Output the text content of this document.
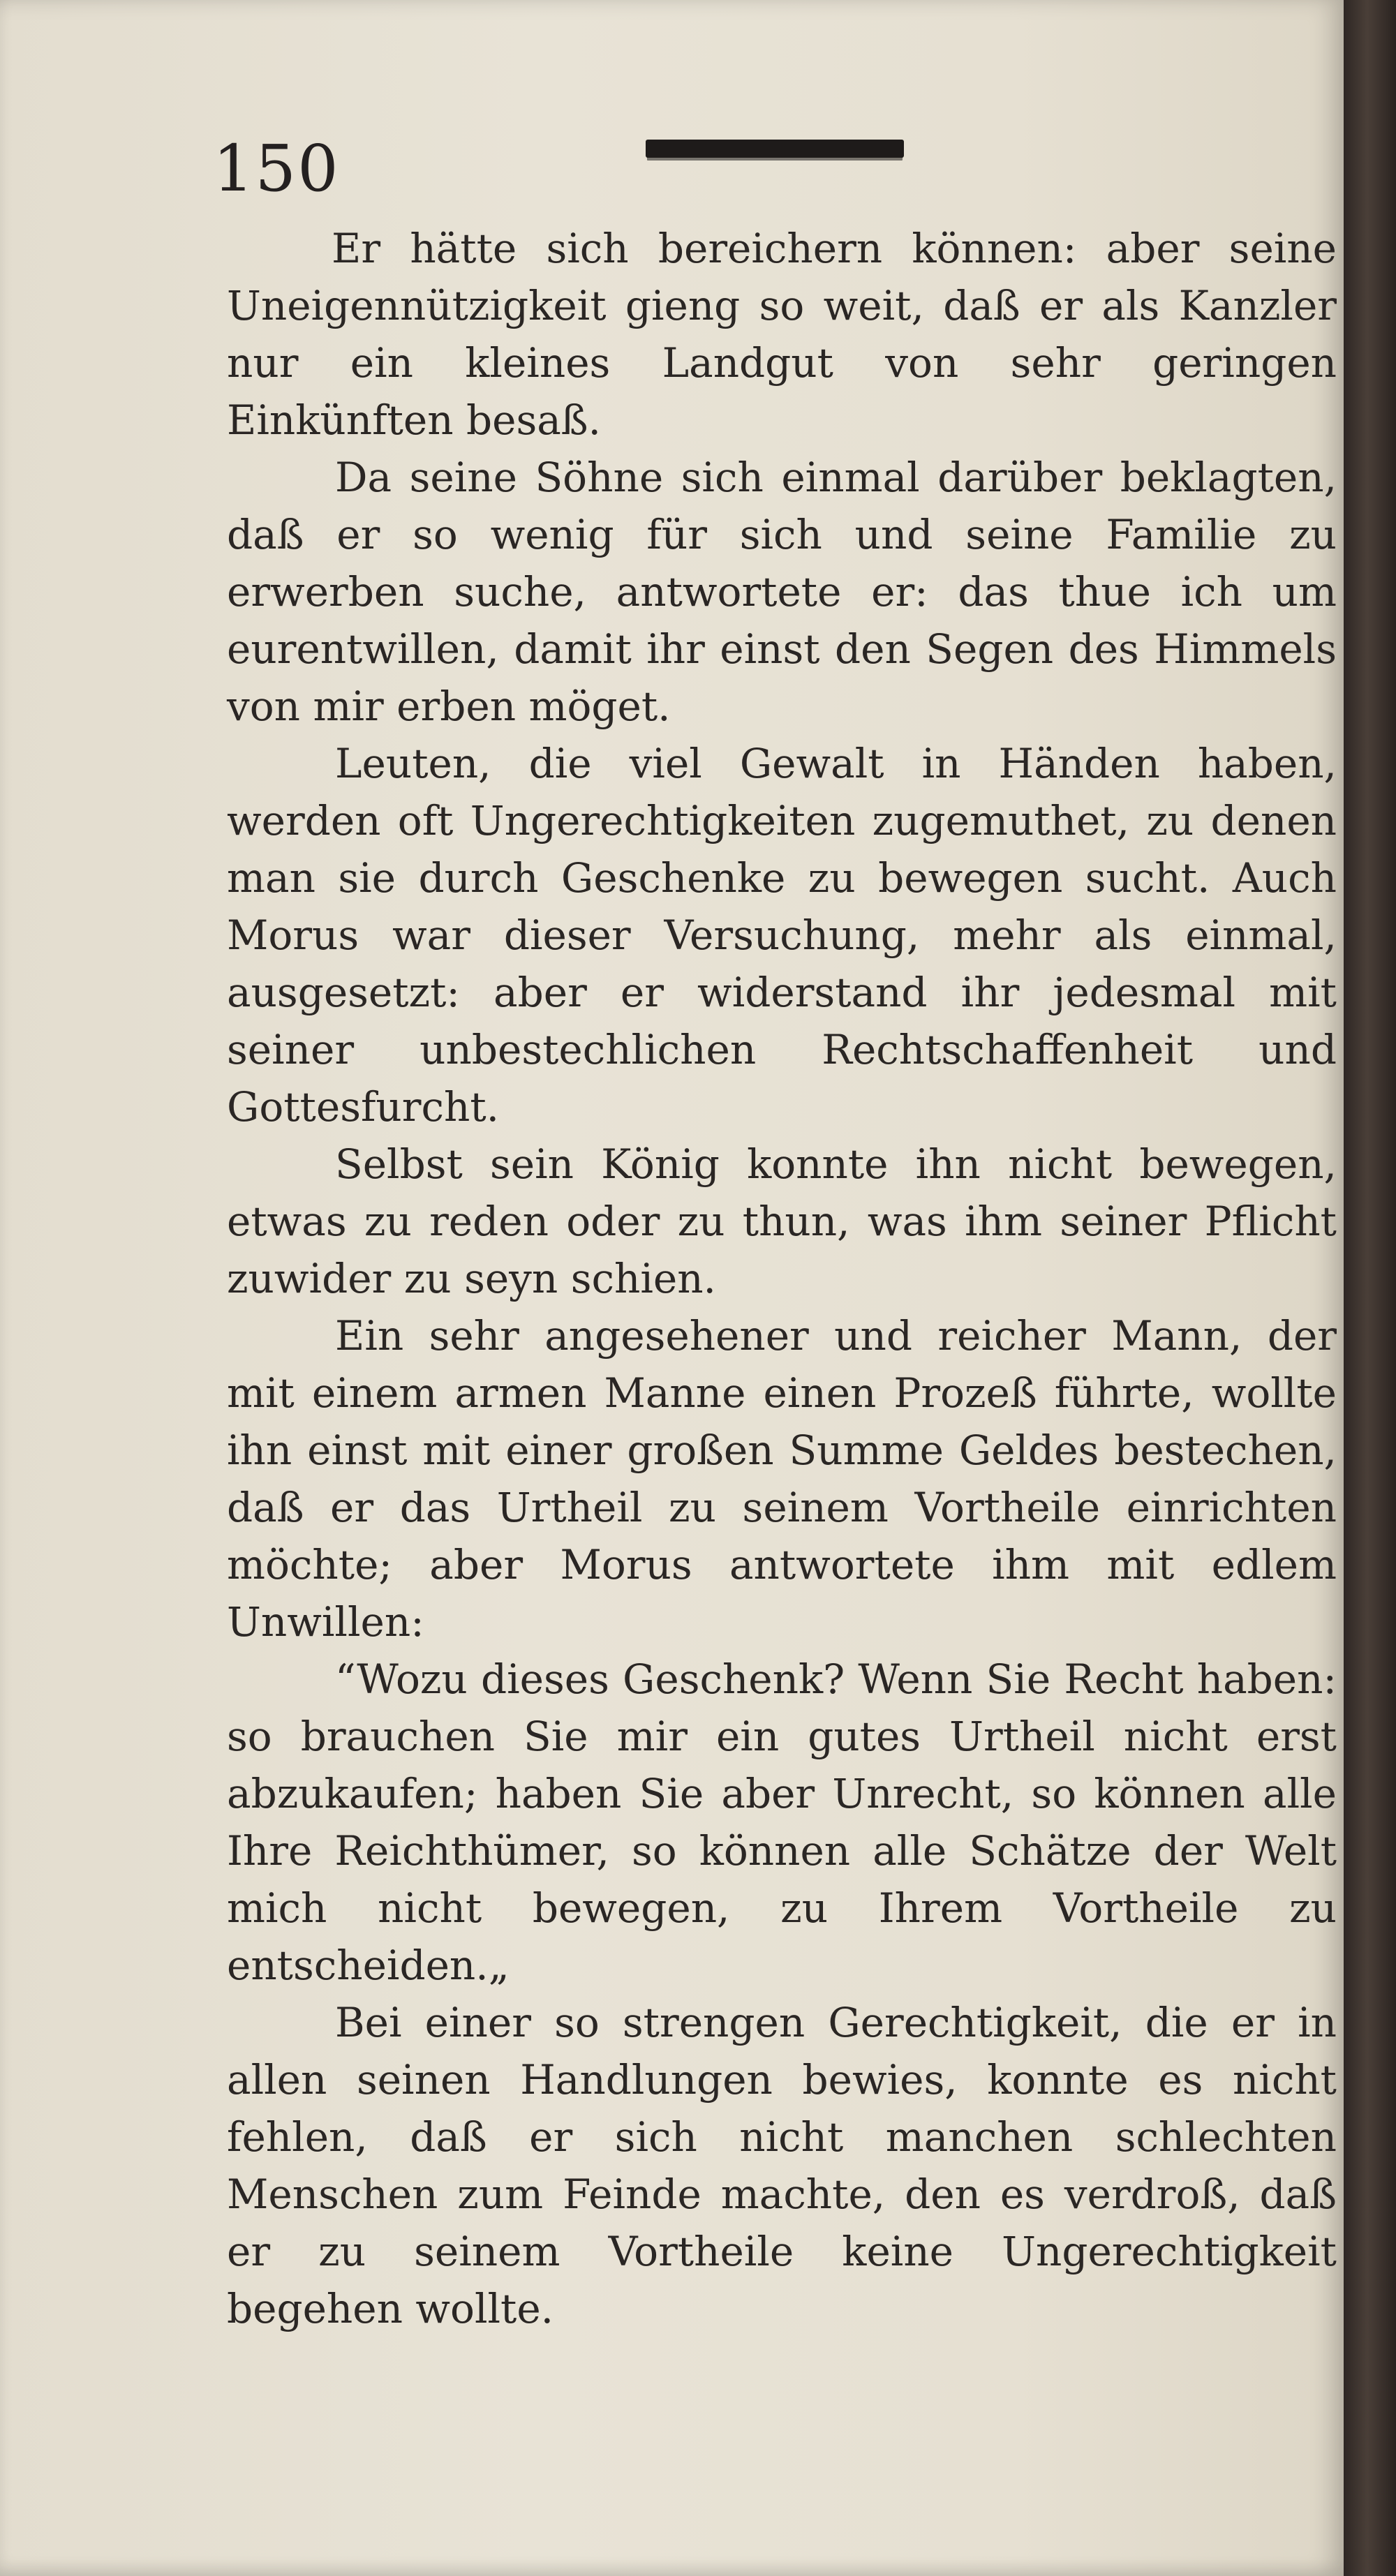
150

Er hätte sich bereichern können: aber seine Uneigennützigkeit gieng so weit, daß er als Kanzler nur ein kleines Landgut von sehr geringen Einkünften besaß.

Da seine Söhne sich einmal darüber beklagten, daß er so wenig für sich und seine Familie zu erwerben suche, antwortete er: das thue ich um eurentwillen, damit ihr einst den Segen des Himmels von mir erben möget.

Leuten, die viel Gewalt in Händen haben, werden oft Ungerechtigkeiten zugemuthet, zu denen man sie durch Geschenke zu bewegen sucht. Auch Morus war dieser Versuchung, mehr als einmal, ausgesetzt: aber er widerstand ihr jedesmal mit seiner unbestechlichen Rechtschaffenheit und Gottesfurcht.

Selbst sein König konnte ihn nicht bewegen, etwas zu reden oder zu thun, was ihm seiner Pflicht zuwider zu seyn schien.

Ein sehr angesehener und reicher Mann, der mit einem armen Manne einen Prozeß führte, wollte ihn einst mit einer großen Summe Geldes bestechen, daß er das Urtheil zu seinem Vortheile einrichten möchte; aber Morus antwortete ihm mit edlem Unwillen:

“Wozu dieses Geschenk? Wenn Sie Recht haben: so brauchen Sie mir ein gutes Urtheil nicht erst abzukaufen; haben Sie aber Unrecht, so können alle Ihre Reichthümer, so können alle Schätze der Welt mich nicht bewegen, zu Ihrem Vortheile zu entscheiden.„

Bei einer so strengen Gerechtigkeit, die er in allen seinen Handlungen bewies, konnte es nicht fehlen, daß er sich nicht manchen schlechten Menschen zum Feinde machte, den es verdroß, daß er zu seinem Vortheile keine Ungerechtigkeit begehen wollte.
